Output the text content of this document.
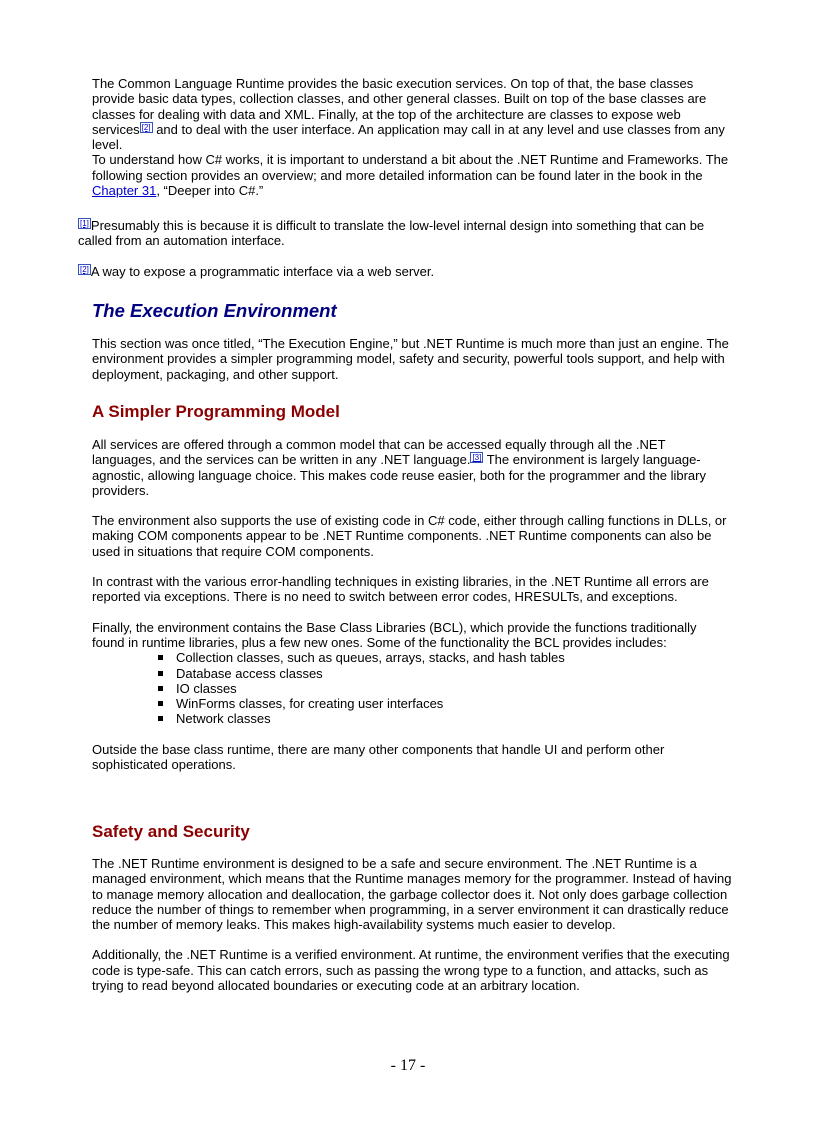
The Common Language Runtime provides the basic execution services. On top of that, the base classes provide basic data types, collection classes, and other general classes. Built on top of the base classes are classes for dealing with data and XML. Finally, at the top of the architecture are classes to expose web services [2] and to deal with the user interface. An application may call in at any level and use classes from any level.
To understand how C# works, it is important to understand a bit about the .NET Runtime and Frameworks. The following section provides an overview; and more detailed information can be found later in the book in the Chapter 31, “Deeper into C#.”
[1] Presumably this is because it is difficult to translate the low-level internal design into something that can be called from an automation interface.
[2] A way to expose a programmatic interface via a web server.
The Execution Environment
This section was once titled, “The Execution Engine,” but .NET Runtime is much more than just an engine. The environment provides a simpler programming model, safety and security, powerful tools support, and help with deployment, packaging, and other support.
A Simpler Programming Model
All services are offered through a common model that can be accessed equally through all the .NET languages, and the services can be written in any .NET language. [3] The environment is largely language-agnostic, allowing language choice. This makes code reuse easier, both for the programmer and the library providers.
The environment also supports the use of existing code in C# code, either through calling functions in DLLs, or making COM components appear to be .NET Runtime components. .NET Runtime components can also be used in situations that require COM components.
In contrast with the various error-handling techniques in existing libraries, in the .NET Runtime all errors are reported via exceptions. There is no need to switch between error codes, HRESULTs, and exceptions.
Finally, the environment contains the Base Class Libraries (BCL), which provide the functions traditionally found in runtime libraries, plus a few new ones. Some of the functionality the BCL provides includes:
Collection classes, such as queues, arrays, stacks, and hash tables
Database access classes
IO classes
WinForms classes, for creating user interfaces
Network classes
Outside the base class runtime, there are many other components that handle UI and perform other sophisticated operations.
Safety and Security
The .NET Runtime environment is designed to be a safe and secure environment. The .NET Runtime is a managed environment, which means that the Runtime manages memory for the programmer. Instead of having to manage memory allocation and deallocation, the garbage collector does it. Not only does garbage collection reduce the number of things to remember when programming, in a server environment it can drastically reduce the number of memory leaks. This makes high-availability systems much easier to develop.
Additionally, the .NET Runtime is a verified environment. At runtime, the environment verifies that the executing code is type-safe. This can catch errors, such as passing the wrong type to a function, and attacks, such as trying to read beyond allocated boundaries or executing code at an arbitrary location.
- 17 -
